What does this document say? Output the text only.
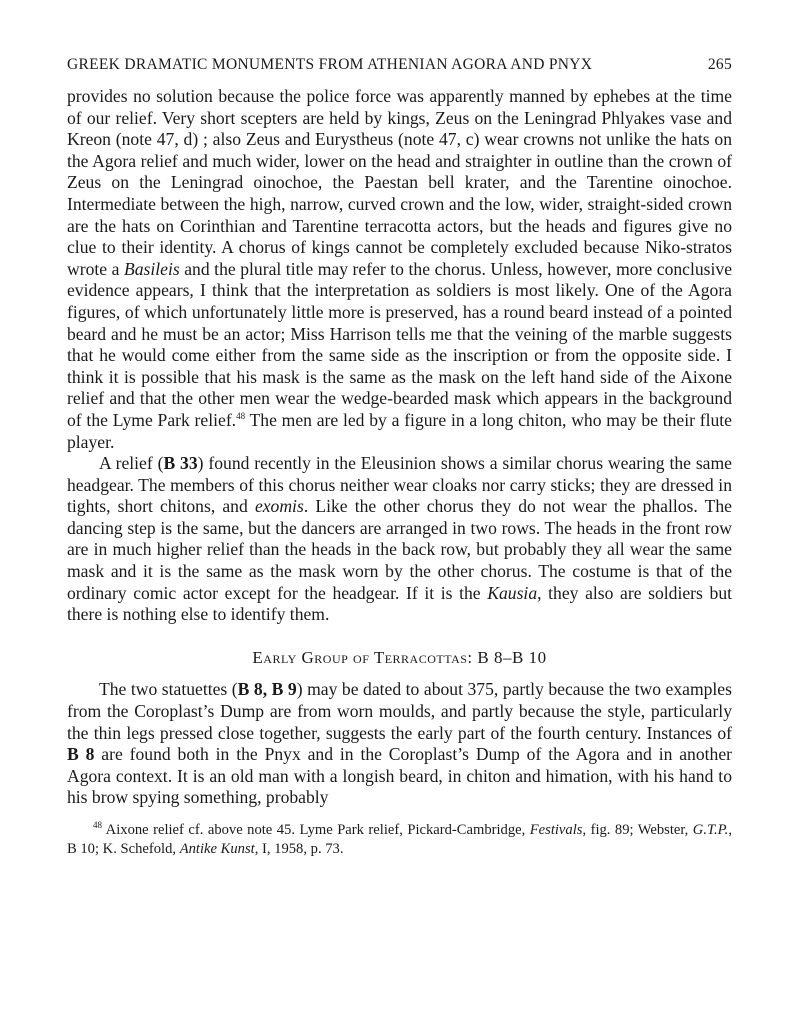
GREEK DRAMATIC MONUMENTS FROM ATHENIAN AGORA AND PNYX	265

provides no solution because the police force was apparently manned by ephebes at the time of our relief. Very short scepters are held by kings, Zeus on the Leningrad Phlyakes vase and Kreon (note 47, d) ; also Zeus and Eurystheus (note 47, c) wear crowns not unlike the hats on the Agora relief and much wider, lower on the head and straighter in outline than the crown of Zeus on the Leningrad oinochoe, the Paestan bell krater, and the Tarentine oinochoe. Intermediate between the high, narrow, curved crown and the low, wider, straight-sided crown are the hats on Corinthian and Tarentine terracotta actors, but the heads and figures give no clue to their identity. A chorus of kings cannot be completely excluded because Niko-stratos wrote a Basileis and the plural title may refer to the chorus. Unless, however, more conclusive evidence appears, I think that the interpretation as soldiers is most likely. One of the Agora figures, of which unfortunately little more is preserved, has a round beard instead of a pointed beard and he must be an actor; Miss Harrison tells me that the veining of the marble suggests that he would come either from the same side as the inscription or from the opposite side. I think it is possible that his mask is the same as the mask on the left hand side of the Aixone relief and that the other men wear the wedge-bearded mask which appears in the background of the Lyme Park relief.$^{48}$ The men are led by a figure in a long chiton, who may be their flute player.

A relief (B 33) found recently in the Eleusinion shows a similar chorus wearing the same headgear. The members of this chorus neither wear cloaks nor carry sticks; they are dressed in tights, short chitons, and exomis. Like the other chorus they do not wear the phallos. The dancing step is the same, but the dancers are arranged in two rows. The heads in the front row are in much higher relief than the heads in the back row, but probably they all wear the same mask and it is the same as the mask worn by the other chorus. The costume is that of the ordinary comic actor except for the headgear. If it is the Kausia, they also are soldiers but there is nothing else to identify them.

Early Group of Terracottas: B 8–B 10

The two statuettes (B 8, B 9) may be dated to about 375, partly because the two examples from the Coroplast’s Dump are from worn moulds, and partly because the style, particularly the thin legs pressed close together, suggests the early part of the fourth century. Instances of B 8 are found both in the Pnyx and in the Coroplast’s Dump of the Agora and in another Agora context. It is an old man with a longish beard, in chiton and himation, with his hand to his brow spying something, probably

$^{48}$ Aixone relief cf. above note 45. Lyme Park relief, Pickard-Cambridge, Festivals, fig. 89; Webster, G.T.P., B 10; K. Schefold, Antike Kunst, I, 1958, p. 73.
